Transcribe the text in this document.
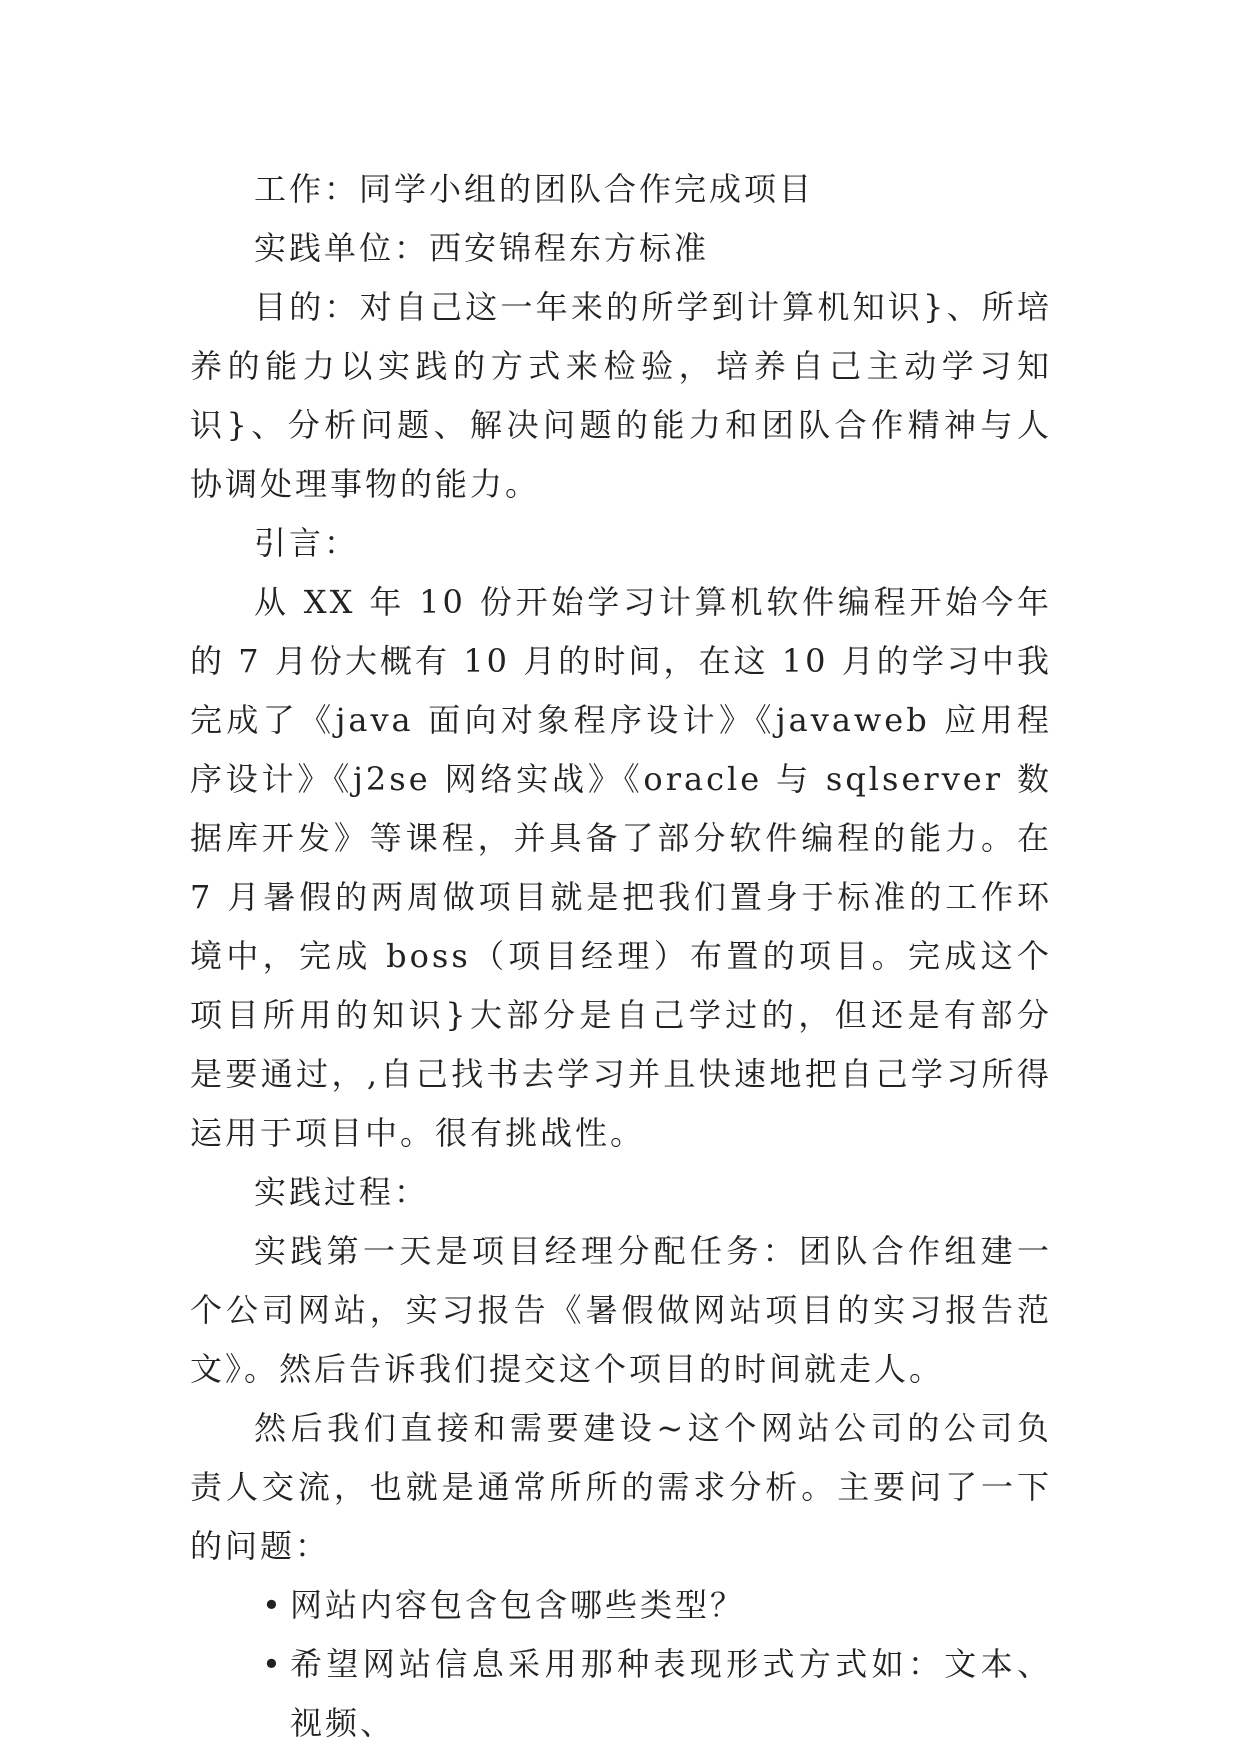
工作：同学小组的团队合作完成项目

实践单位：西安锦程东方标准

目的：对自己这一年来的所学到计算机知识}、所培养的能力以实践的方式来检验，培养自己主动学习知识}、分析问题、解决问题的能力和团队合作精神与人协调处理事物的能力。

引言：

从 XX 年 10 份开始学习计算机软件编程开始今年的 7 月份大概有 10 月的时间，在这 10 月的学习中我完成了《java 面向对象程序设计》《javaweb 应用程序设计》《j2se 网络实战》《oracle 与 sqlserver 数据库开发》等课程，并具备了部分软件编程的能力。在 7 月暑假的两周做项目就是把我们置身于标准的工作环境中，完成 boss（项目经理）布置的项目。完成这个项目所用的知识}大部分是自己学过的，但还是有部分是要通过，,自己找书去学习并且快速地把自己学习所得运用于项目中。很有挑战性。

实践过程：

实践第一天是项目经理分配任务：团队合作组建一个公司网站，实习报告《暑假做网站项目的实习报告范文》。然后告诉我们提交这个项目的时间就走人。

然后我们直接和需要建设~这个网站公司的公司负责人交流，也就是通常所所的需求分析。主要问了一下的问题：

• 网站内容包含包含哪些类型？
• 希望网站信息采用那种表现形式方式如：文本、视频、
